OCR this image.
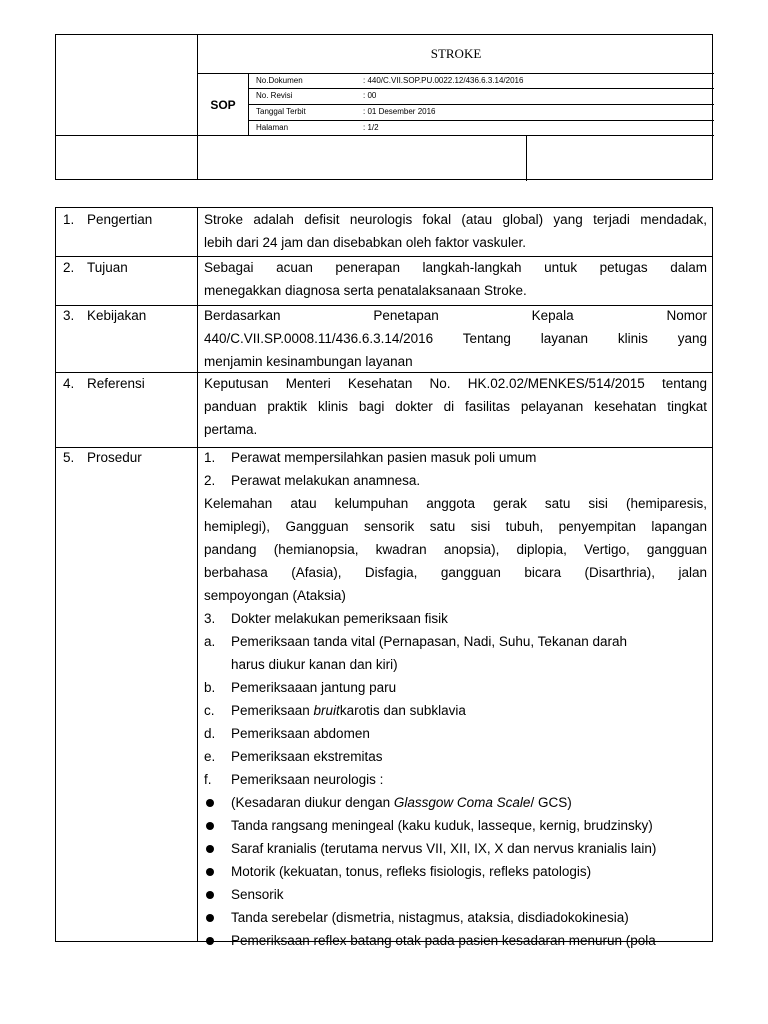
STROKE
SOP
No.Dokumen	: 440/C.VII.SOP.PU.0022.12/436.6.3.14/2016
No. Revisi	: 00
Tanggal Terbit	: 01 Desember 2016
Halaman	: 1/2
1. Pengertian	Stroke adalah defisit neurologis fokal (atau global) yang terjadi mendadak,
lebih dari 24 jam dan disebabkan oleh faktor vaskuler.
2. Tujuan	Sebagai acuan penerapan langkah-langkah untuk petugas dalam
menegakkan diagnosa serta penatalaksanaan Stroke.
3. Kebijakan	Berdasarkan Penetapan Kepala Nomor
440/C.VII.SP.0008.11/436.6.3.14/2016 Tentang layanan klinis yang
menjamin kesinambungan layanan
4. Referensi	Keputusan Menteri Kesehatan No. HK.02.02/MENKES/514/2015 tentang
panduan praktik klinis bagi dokter di fasilitas pelayanan kesehatan tingkat
pertama.
5. Prosedur	1.	Perawat mempersilahkan pasien masuk poli umum
2.	Perawat melakukan anamnesa.
Kelemahan atau kelumpuhan anggota gerak satu sisi (hemiparesis,
hemiplegi), Gangguan sensorik satu sisi tubuh, penyempitan lapangan
pandang (hemianopsia, kwadran anopsia), diplopia, Vertigo, gangguan
berbahasa (Afasia), Disfagia, gangguan bicara (Disarthria), jalan
sempoyongan (Ataksia)
3.	Dokter melakukan pemeriksaan fisik
a.	Pemeriksaan tanda vital (Pernapasan, Nadi, Suhu, Tekanan darah
harus diukur kanan dan kiri)
b.	Pemeriksaaan jantung paru
c.	Pemeriksaan bruitkarotis dan subklavia
d.	Pemeriksaan abdomen
e.	Pemeriksaan ekstremitas
f.	Pemeriksaan neurologis :
(Kesadaran diukur dengan Glassgow Coma Scale/ GCS)
Tanda rangsang meningeal (kaku kuduk, lasseque, kernig, brudzinsky)
Saraf kranialis (terutama nervus VII, XII, IX, X dan nervus kranialis lain)
Motorik (kekuatan, tonus, refleks fisiologis, refleks patologis)
Sensorik
Tanda serebelar (dismetria, nistagmus, ataksia, disdiadokokinesia)
Pemeriksaan reflex batang otak pada pasien kesadaran menurun (pola
